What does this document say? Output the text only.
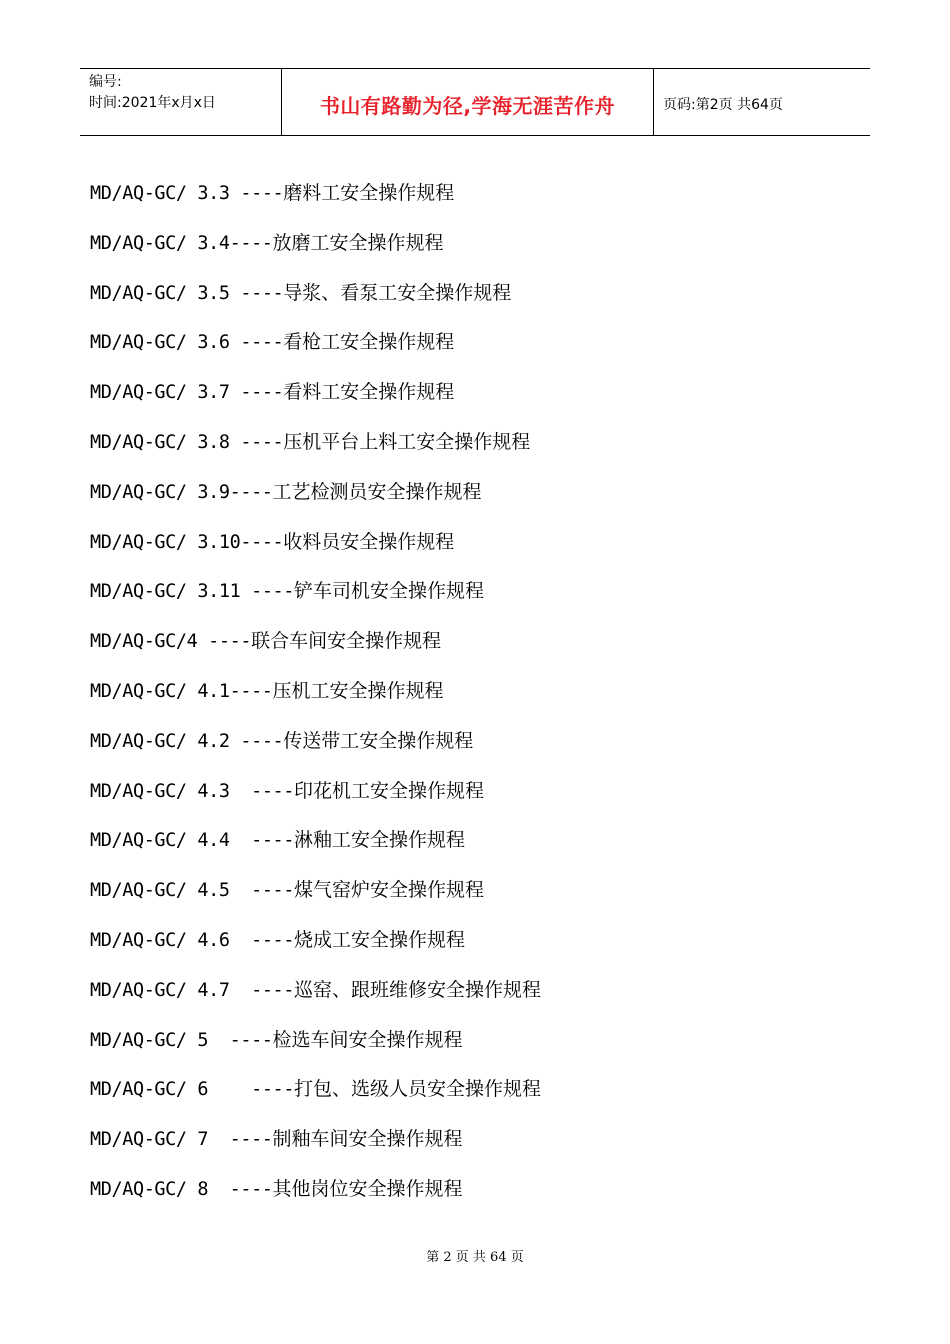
编号:
时间:2021年x月x日	书山有路勤为径,学海无涯苦作舟	页码:第2页 共64页
MD/AQ-GC/ 3.3 ----磨料工安全操作规程
MD/AQ-GC/ 3.4----放磨工安全操作规程
MD/AQ-GC/ 3.5 ----导浆、看泵工安全操作规程
MD/AQ-GC/ 3.6 ----看枪工安全操作规程
MD/AQ-GC/ 3.7 ----看料工安全操作规程
MD/AQ-GC/ 3.8 ----压机平台上料工安全操作规程
MD/AQ-GC/ 3.9----工艺检测员安全操作规程
MD/AQ-GC/ 3.10----收料员安全操作规程
MD/AQ-GC/ 3.11 ----铲车司机安全操作规程
MD/AQ-GC/4 ----联合车间安全操作规程
MD/AQ-GC/ 4.1----压机工安全操作规程
MD/AQ-GC/ 4.2 ----传送带工安全操作规程
MD/AQ-GC/ 4.3  ----印花机工安全操作规程
MD/AQ-GC/ 4.4  ----淋釉工安全操作规程
MD/AQ-GC/ 4.5  ----煤气窑炉安全操作规程
MD/AQ-GC/ 4.6  ----烧成工安全操作规程
MD/AQ-GC/ 4.7  ----巡窑、跟班维修安全操作规程
MD/AQ-GC/ 5  ----检选车间安全操作规程
MD/AQ-GC/ 6    ----打包、选级人员安全操作规程
MD/AQ-GC/ 7  ----制釉车间安全操作规程
MD/AQ-GC/ 8  ----其他岗位安全操作规程
第 2 页 共 64 页
